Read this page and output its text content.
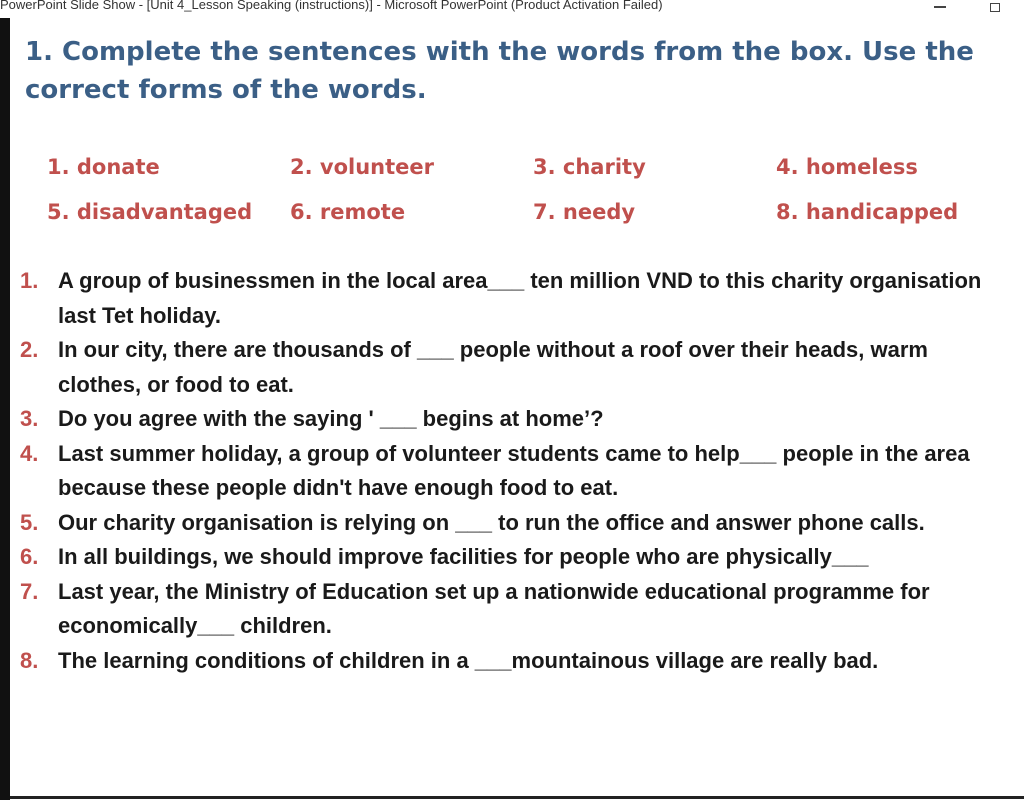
PowerPoint Slide Show - [Unit 4_Lesson Speaking (instructions)] - Microsoft PowerPoint (Product Activation Failed)
1. Complete the sentences with the words from the box. Use the correct forms of the words.
1. donate	2. volunteer	3. charity	4. homeless
5. disadvantaged 6. remote	7. needy	8. handicapped
1. A group of businessmen in the local area___ ten million VND to this charity organisation last Tet holiday.
2. In our city, there are thousands of ___ people without a roof over their heads, warm clothes, or food to eat.
3. Do you agree with the saying ' ___ begins at home’?
4. Last summer holiday, a group of volunteer students came to help___ people in the area because these people didn't have enough food to eat.
5. Our charity organisation is relying on ___ to run the office and answer phone calls.
6. In all buildings, we should improve facilities for people who are physically___
7. Last year, the Ministry of Education set up a nationwide educational programme for economically___ children.
8. The learning conditions of children in a ___mountainous village are really bad.
